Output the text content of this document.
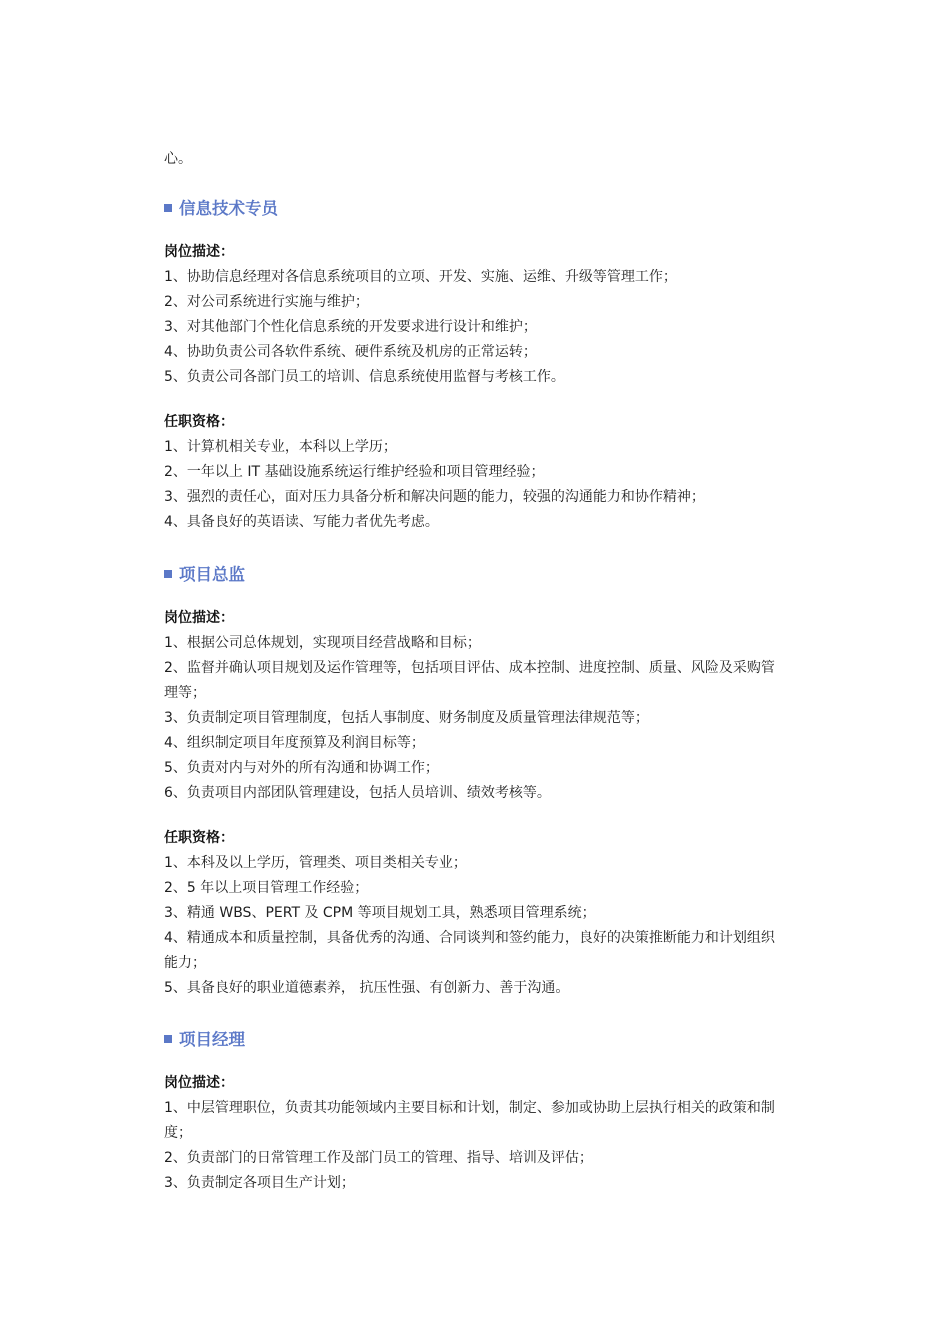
心。
信息技术专员
岗位描述：
1、协助信息经理对各信息系统项目的立项、开发、实施、运维、升级等管理工作；
2、对公司系统进行实施与维护；
3、对其他部门个性化信息系统的开发要求进行设计和维护；
4、协助负责公司各软件系统、硬件系统及机房的正常运转；
5、负责公司各部门员工的培训、信息系统使用监督与考核工作。
任职资格：
1、计算机相关专业，本科以上学历；
2、一年以上 IT 基础设施系统运行维护经验和项目管理经验；
3、强烈的责任心，面对压力具备分析和解决问题的能力，较强的沟通能力和协作精神；
4、具备良好的英语读、写能力者优先考虑。
项目总监
岗位描述：
1、根据公司总体规划，实现项目经营战略和目标；
2、监督并确认项目规划及运作管理等，包括项目评估、成本控制、进度控制、质量、风险及采购管理等；
3、负责制定项目管理制度，包括人事制度、财务制度及质量管理法律规范等；
4、组织制定项目年度预算及利润目标等；
5、负责对内与对外的所有沟通和协调工作；
6、负责项目内部团队管理建设，包括人员培训、绩效考核等。
任职资格：
1、本科及以上学历，管理类、项目类相关专业；
2、5 年以上项目管理工作经验；
3、精通 WBS、PERT 及 CPM 等项目规划工具，熟悉项目管理系统；
4、精通成本和质量控制，具备优秀的沟通、合同谈判和签约能力，良好的决策推断能力和计划组织能力；
5、具备良好的职业道德素养， 抗压性强、有创新力、善于沟通。
项目经理
岗位描述：
1、中层管理职位，负责其功能领域内主要目标和计划，制定、参加或协助上层执行相关的政策和制度；
2、负责部门的日常管理工作及部门员工的管理、指导、培训及评估；
3、负责制定各项目生产计划；
